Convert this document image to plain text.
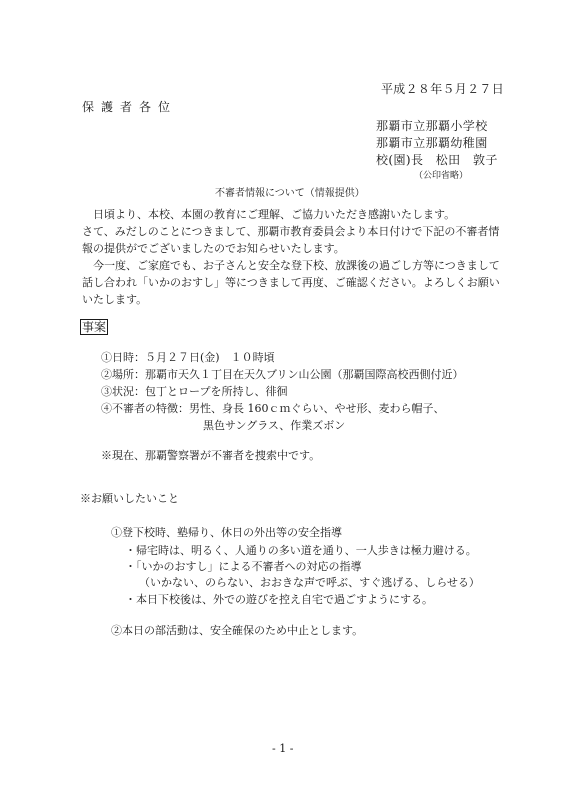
平成２８年５月２７日
保護者各位
那覇市立那覇小学校
那覇市立那覇幼稚園
校(園)長　松田　敦子
（公印省略）
不審者情報について（情報提供）
　日頃より、本校、本園の教育にご理解、ご協力いただき感謝いたします。
さて、みだしのことにつきまして、那覇市教育委員会より本日付けで下記の不審者情報の提供がでございましたのでお知らせいたします。
　今一度、ご家庭でも、お子さんと安全な登下校、放課後の過ごし方等につきまして話し合われ「いかのおすし」等につきまして再度、ご確認ください。よろしくお願いいたします。
事案
①日時：５月２７日(金)　１０時頃
②場所：那覇市天久１丁目在天久ブリン山公園（那覇国際高校西側付近）
③状況：包丁とロープを所持し、徘徊
④不審者の特徴：男性、身長 160ｃｍぐらい、やせ形、麦わら帽子、
黒色サングラス、作業ズボン
※現在、那覇警察署が不審者を捜索中です。
※お願いしたいこと
①登下校時、塾帰り、休日の外出等の安全指導
・帰宅時は、明るく、人通りの多い道を通り、一人歩きは極力避ける。
・「いかのおすし」による不審者への対応の指導
（いかない、のらない、おおきな声で呼ぶ、すぐ逃げる、しらせる）
・本日下校後は、外での遊びを控え自宅で過ごすようにする。
②本日の部活動は、安全確保のため中止とします。
- 1 -
